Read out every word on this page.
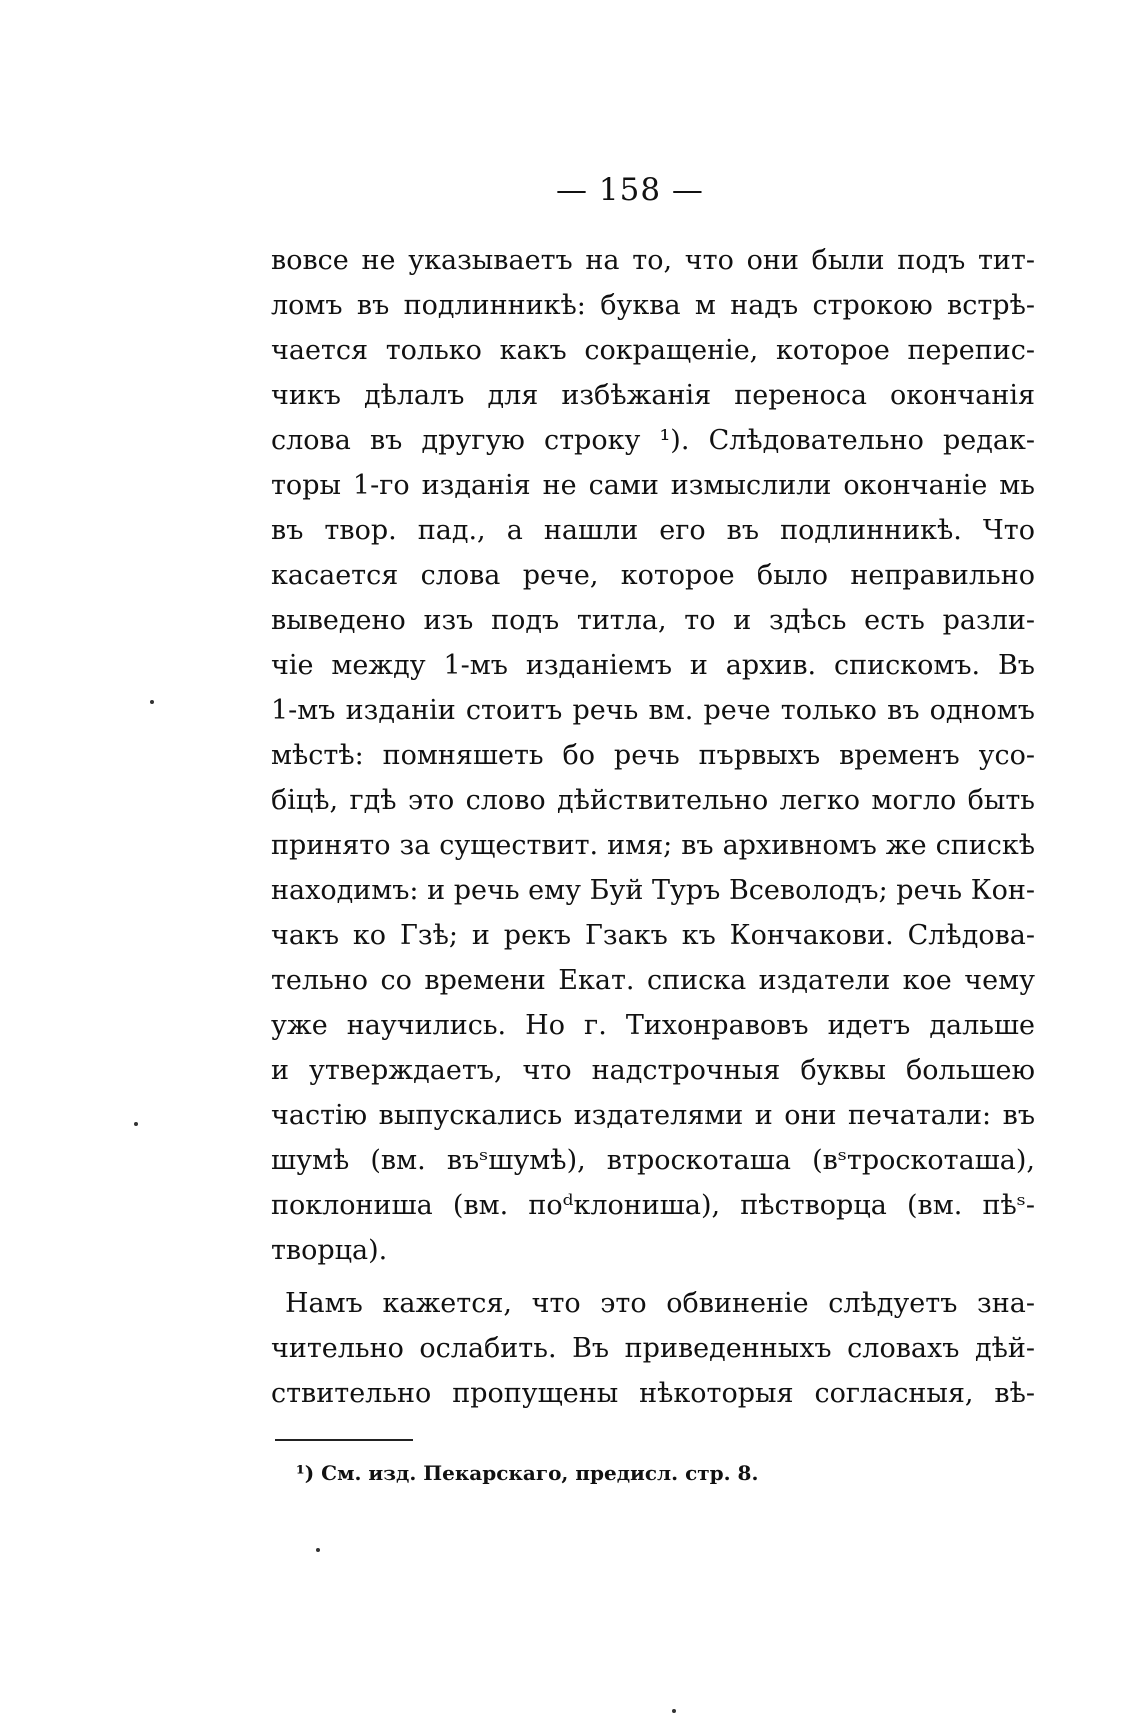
— 158 —
вовсе не указываетъ на то, что они были подъ тит-
ломъ въ подлинникѣ: буква м надъ строкою встрѣ-
чается только какъ сокращеніе, которое перепис-
чикъ дѣлалъ для избѣжанія переноса окончанія
слова въ другую строку ¹). Слѣдовательно редак-
торы 1-го изданія не сами измыслили окончаніе мь
въ твор. пад., а нашли его въ подлинникѣ. Что
касается слова рече, которое было неправильно
выведено изъ подъ титла, то и здѣсь есть разли-
чіе между 1-мъ изданіемъ и архив. спискомъ. Въ
1-мъ изданіи стоитъ речь вм. рече только въ одномъ
мѣстѣ: помняшеть бо речь първыхъ временъ усо-
біцѣ, гдѣ это слово дѣйствительно легко могло быть
принято за существит. имя; въ архивномъ же спискѣ
находимъ: и речь ему Буй Туръ Всеволодъ; речь Кон-
чакъ ко Гзѣ; и рекъ Гзакъ къ Кончакови. Слѣдова-
тельно со времени Екат. списка издатели кое чему
уже научились. Но г. Тихонравовъ идетъ дальше
и утверждаетъ, что надстрочныя буквы большею
частію выпускались издателями и они печатали: въ
шумѣ (вм. въˢшумѣ), втроскоташа (вˢтроскоташа),
поклониша (вм. поᵈклониша), пѣстворца (вм. пѣˢ-
творца).
Намъ кажется, что это обвиненіе слѣдуетъ зна-
чительно ослабить. Въ приведенныхъ словахъ дѣй-
ствительно пропущены нѣкоторыя согласныя, вѣ-
¹) См. изд. Пекарскаго, предисл. стр. 8.
